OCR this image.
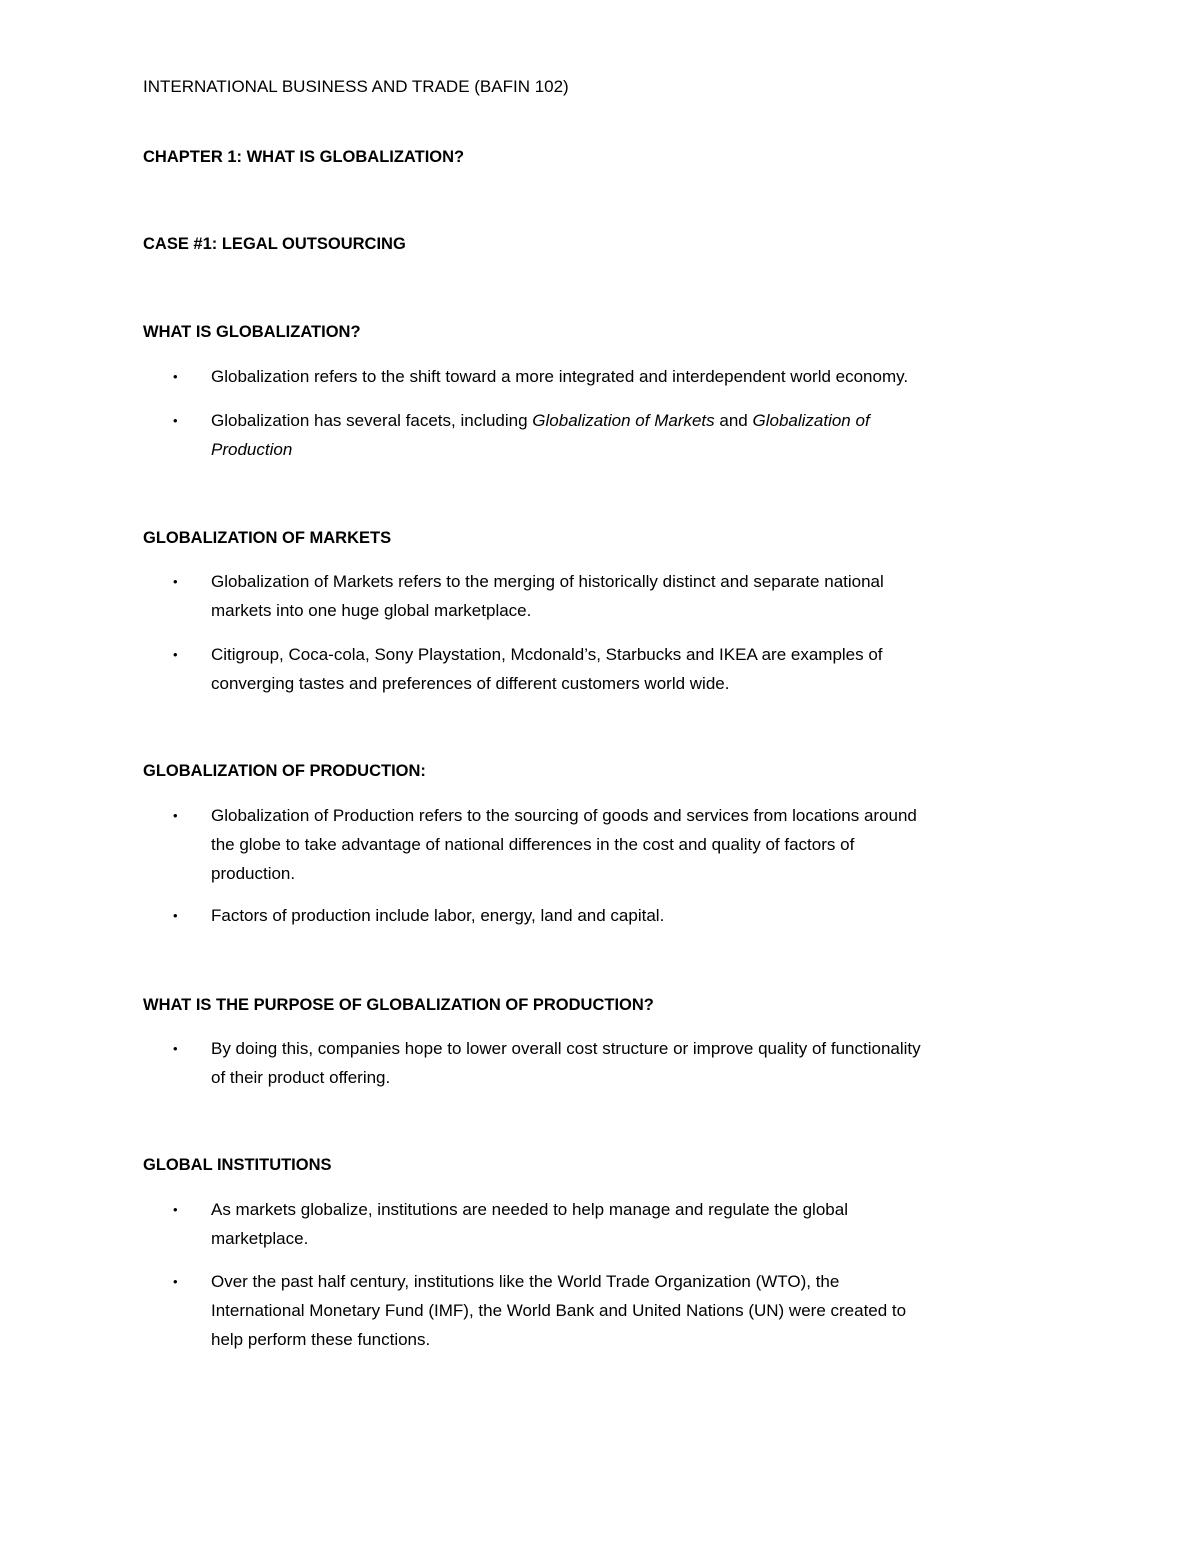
INTERNATIONAL BUSINESS AND TRADE (BAFIN 102)
CHAPTER 1: WHAT IS GLOBALIZATION?
CASE #1: LEGAL OUTSOURCING
WHAT IS GLOBALIZATION?
•	Globalization refers to the shift toward a more integrated and interdependent world economy.
•	Globalization has several facets, including Globalization of Markets and Globalization of
Production
GLOBALIZATION OF MARKETS
•	Globalization of Markets refers to the merging of historically distinct and separate national
markets into one huge global marketplace.
•	Citigroup, Coca-cola, Sony Playstation, Mcdonald’s, Starbucks and IKEA are examples of
converging tastes and preferences of different customers world wide.
GLOBALIZATION OF PRODUCTION:
•	Globalization of Production refers to the sourcing of goods and services from locations around
the globe to take advantage of national differences in the cost and quality of factors of
production.
•	Factors of production include labor, energy, land and capital.
WHAT IS THE PURPOSE OF GLOBALIZATION OF PRODUCTION?
•	By doing this, companies hope to lower overall cost structure or improve quality of functionality
of their product offering.
GLOBAL INSTITUTIONS
•	As markets globalize, institutions are needed to help manage and regulate the global
marketplace.
•	Over the past half century, institutions like the World Trade Organization (WTO), the
International Monetary Fund (IMF), the World Bank and United Nations (UN) were created to
help perform these functions.
